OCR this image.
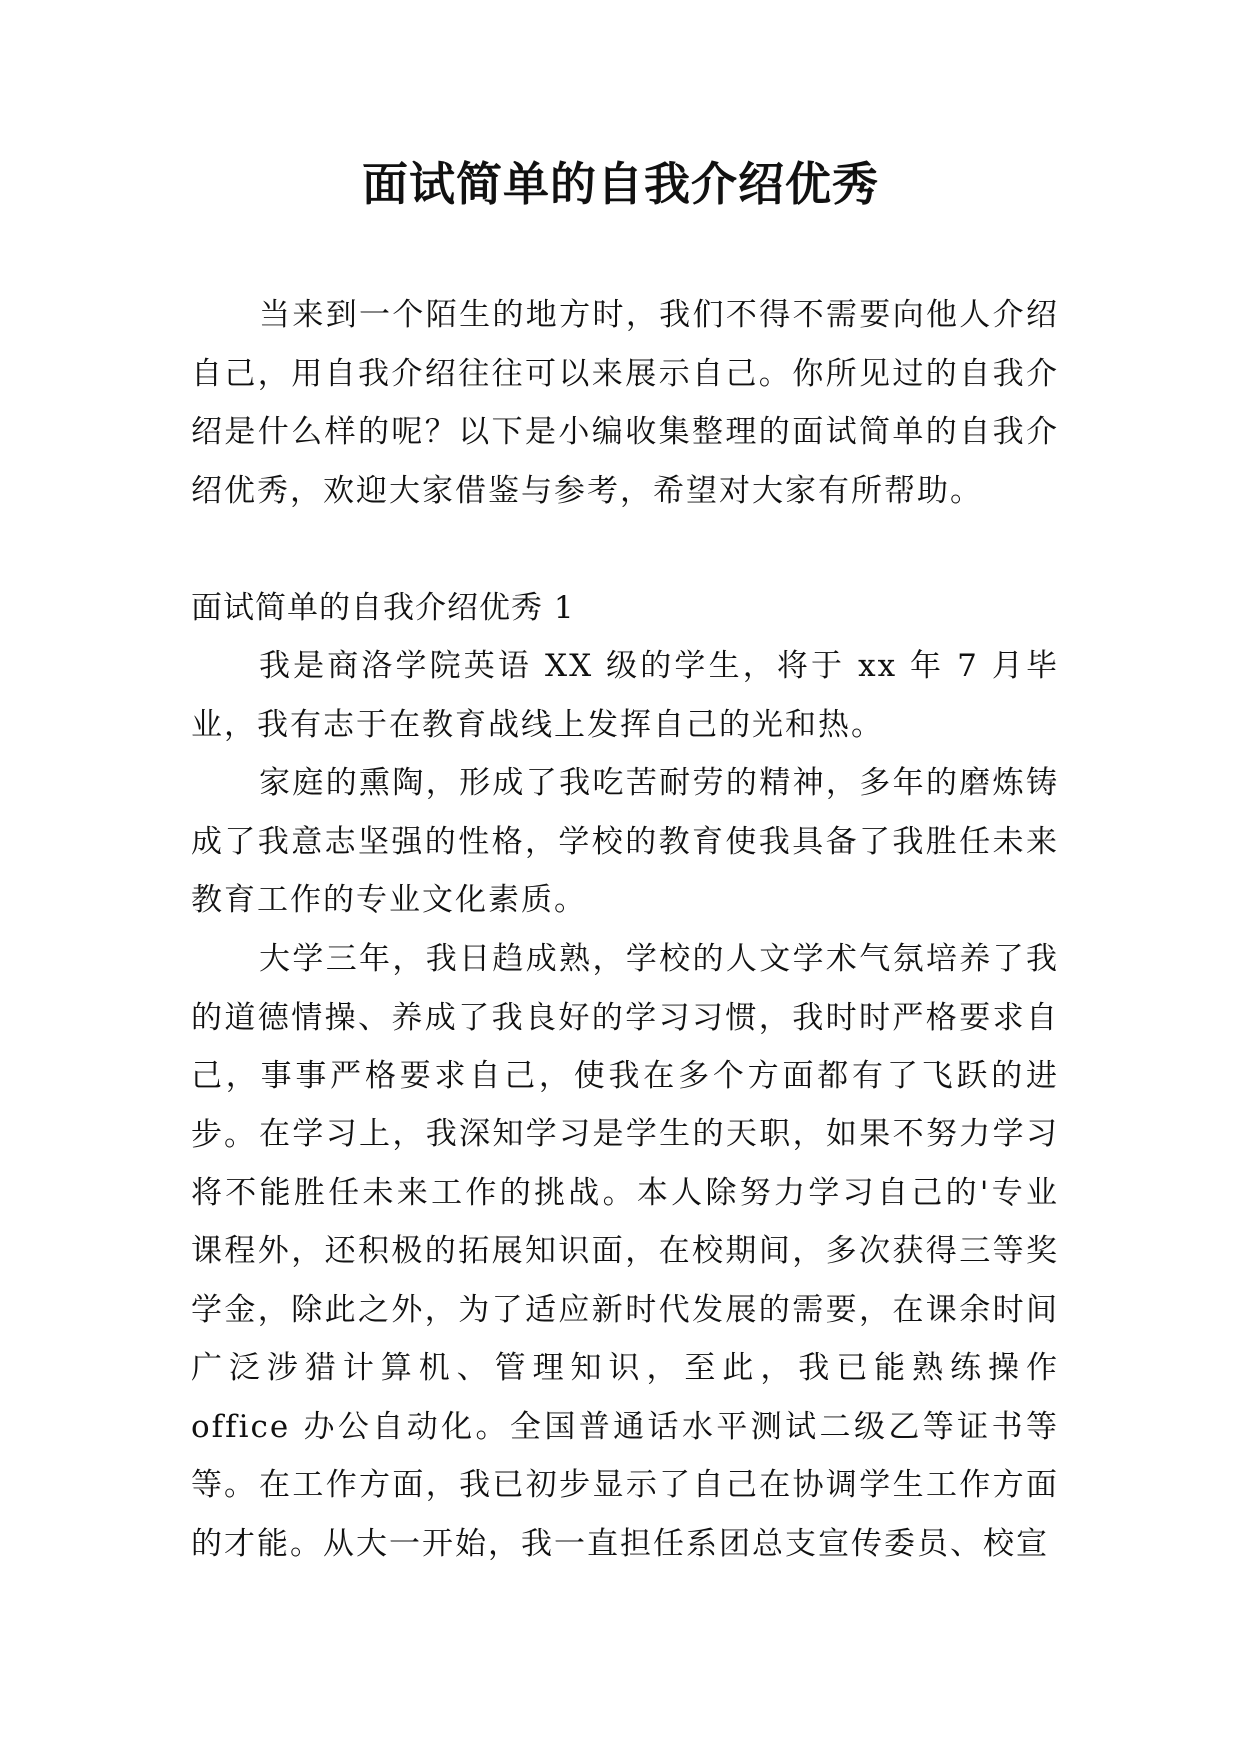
面试简单的自我介绍优秀

当来到一个陌生的地方时，我们不得不需要向他人介绍自己，用自我介绍往往可以来展示自己。你所见过的自我介绍是什么样的呢？以下是小编收集整理的面试简单的自我介绍优秀，欢迎大家借鉴与参考，希望对大家有所帮助。

面试简单的自我介绍优秀 1

我是商洛学院英语 XX 级的学生，将于 xx 年 7 月毕业，我有志于在教育战线上发挥自己的光和热。

家庭的熏陶，形成了我吃苦耐劳的精神，多年的磨炼铸成了我意志坚强的性格，学校的教育使我具备了我胜任未来教育工作的专业文化素质。

大学三年，我日趋成熟，学校的人文学术气氛培养了我的道德情操、养成了我良好的学习习惯，我时时严格要求自己，事事严格要求自己，使我在多个方面都有了飞跃的进步。 在学习上，我深知学习是学生的天职，如果不努力学习将不能胜任未来工作的挑战。本人除努力学习自己的'专业课程外，还积极的拓展知识面，在校期间，多次获得三等奖学金，除此之外，为了适应新时代发展的需要，在课余时间广泛涉猎计算机、管理知识，至此，我已能熟练操作 office 办公自动化。全国普通话水平测试二级乙等证书等等。 在工作方面，我已初步显示了自己在协调学生工作方面的才能。从大一开始，我一直担任系团总支宣传委员、校宣
